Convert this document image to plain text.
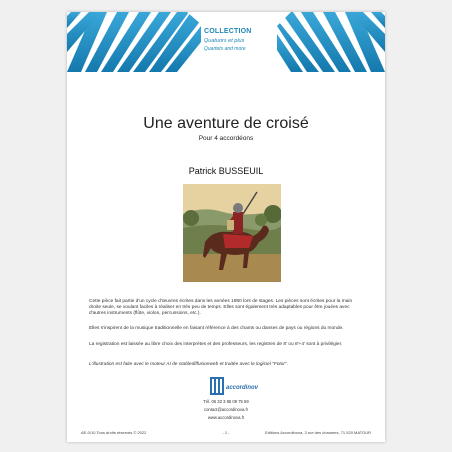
COLLECTION
Quatuors et plus
Quartets and more
Une aventure de croisé
Pour 4 accordéons
Patrick BUSSEUIL
Cette pièce fait partie d'un cycle d'œuvres écrites dans les années 1980 lors de stages. Les pièces sont écrites pour la main droite seule, se voulant faciles à réaliser en très peu de temps. Elles sont également très adaptables pour être jouées avec d'autres instruments (flûte, violon, percussions, etc.).
Elles s'inspirent de la musique traditionnelle en faisant référence à des chants ou danses de pays ou régions du monde.
La registration est laissée au libre choix des interprètes et des professeurs, les registres de 8' ou 8'+4' sont à privilégier.
L'illustration est faite avec le moteur AI de stablediffusionweb et traitée avec le logiciel "Fotor".
accordinova
Tél. 06 33 3 85 09 75 59
contact@accordinova.fr
www.accordinova.fr
AE-0/10 Tous droits réservés © 2022	- 1 -	Editions Accordinova, 3 rue des chaumes, 71 520 MATOUR
